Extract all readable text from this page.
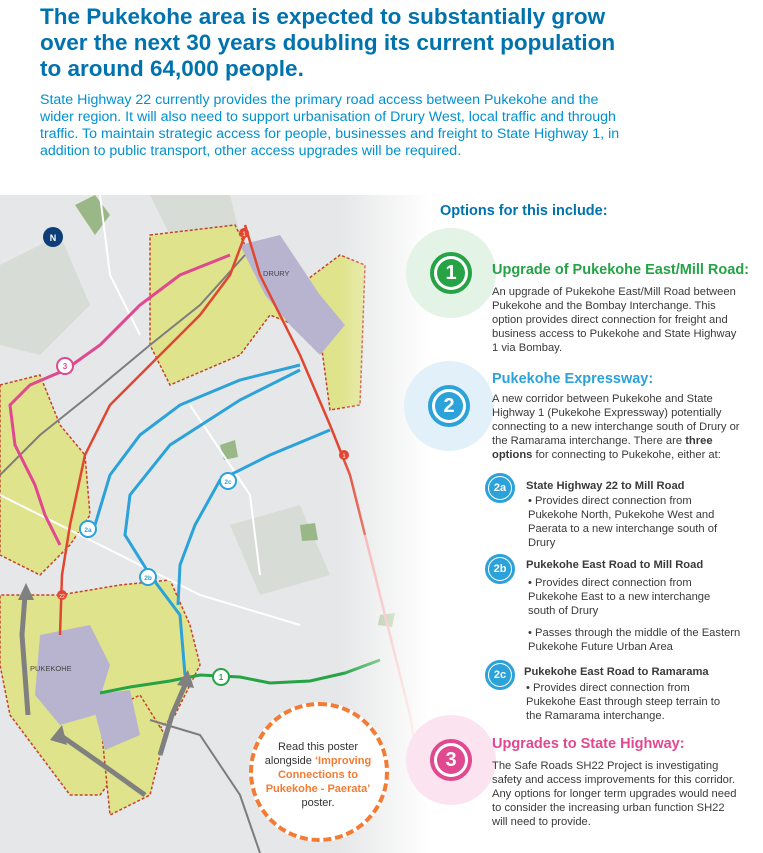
The Pukekohe area is expected to substantially grow over the next 30 years doubling its current population to around 64,000 people.

State Highway 22 currently provides the primary road access between Pukekohe and the wider region. It will also need to support urbanisation of Drury West, local traffic and through traffic. To maintain strategic access for people, businesses and freight to State Highway 1, in addition to public transport, other access upgrades will be required.

N	1
1
22
3
2a
2b
2c
1
DRURY
PUKEKOHE
Options for this include:
1	Upgrade of Pukekohe East/Mill Road:

An upgrade of Pukekohe East/Mill Road between Pukekohe and the Bombay Interchange. This option provides direct connection for freight and business access to Pukekohe and State Highway 1 via Bombay.

2
Pukekohe Expressway:

A new corridor between Pukekohe and State Highway 1 (Pukekohe Expressway) potentially connecting to a new interchange south of Drury or the Ramarama interchange. There are three options for connecting to Pukekohe, either at:

2a	State Highway 22 to Mill Road
• Provides direct connection from Pukekohe North, Pukekohe West and Paerata to a new interchange south of Drury
2b	Pukekohe East Road to Mill Road
• Provides direct connection from Pukekohe East to a new interchange south of Drury
• Passes through the middle of the Eastern Pukekohe Future Urban Area
2c	Pukekohe East Road to Ramarama
• Provides direct connection from Pukekohe East through steep terrain to the Ramarama interchange.
3
Upgrades to State Highway:

The Safe Roads SH22 Project is investigating safety and access improvements for this corridor. Any options for longer term upgrades would need to consider the increasing urban function SH22 will need to provide.

Read this poster alongside ‘Improving Connections to Pukekohe - Paerata’ poster.
